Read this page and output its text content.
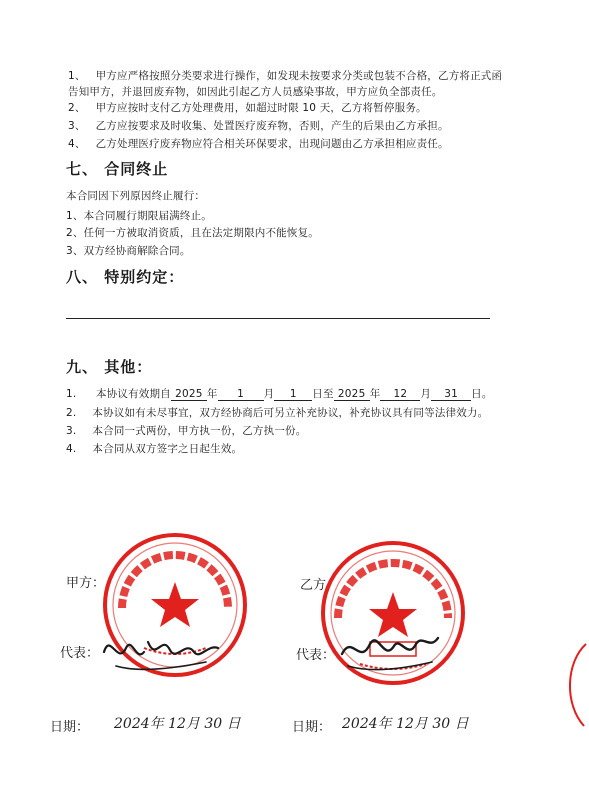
1、 甲方应严格按照分类要求进行操作，如发现未按要求分类或包装不合格，乙方将正式函
告知甲方，并退回废弃物，如因此引起乙方人员感染事故，甲方应负全部责任。
2、 甲方应按时支付乙方处理费用，如超过时限 10 天，乙方将暂停服务。
3、 乙方应按要求及时收集、处置医疗废弃物，否则，产生的后果由乙方承担。
4、 乙方处理医疗废弃物应符合相关环保要求，出现问题由乙方承担相应责任。
七、 合同终止
本合同因下列原因终止履行：
1、本合同履行期限届满终止。
2、任何一方被取消资质，且在法定期限内不能恢复。
3、双方经协商解除合同。
八、 特别约定：
九、 其他：
1. 本协议有效期自 2025 年 1 月 1 日至 2025 年 12 月 31 日。
2. 本协议如有未尽事宜，双方经协商后可另立补充协议，补充协议具有同等法律效力。
3. 本合同一式两份，甲方执一份，乙方执一份。
4. 本合同从双方签字之日起生效。
甲方：	乙方：
代表：	代表：
日期：	日期：
2024年 12月 30 日	2024年 12月 30 日
